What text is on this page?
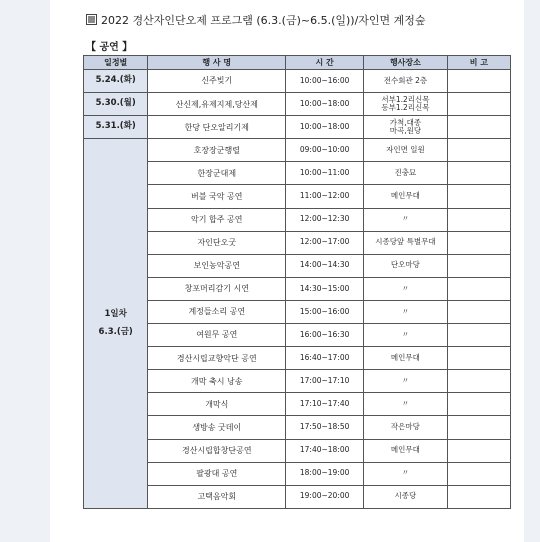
2022 경산자인단오제 프로그램 (6.3.(금)~6.5.(일))/자인면 계정숲
【 공연 】
일정별	행 사 명	시 간	행사장소	비 고
5.24.(화)	신주빚기	10:00~16:00	전수회관 2층	

5.30.(월)	산신제,유제지제,당산제	10:00~18:00	서부1.2리신목
동부1.2리신목	

5.31.(화)	한당 단오알리기제	10:00~18:00	가척,대종
마곡,원당	

1일차
6.3.(금)	호장장군행렬	09:00~10:00	자인면 일원	

	한장군대제	10:00~11:00	진충묘	

	버블 국악 공연	11:00~12:00	메인무대	

	악기 합주 공연	12:00~12:30	〃	

	자인단오굿	12:00~17:00	시종당앞 특별무대	

	보인농악공연	14:00~14:30	단오마당	

	창포머리감기 시연	14:30~15:00	〃	

	계정들소리 공연	15:00~16:00	〃	

	여원무 공연	16:00~16:30	〃	

	경산시립교향악단 공연	16:40~17:00	메인무대	

	개막 축시 낭송	17:00~17:10	〃	

	개막식	17:10~17:40	〃	

	생방송 굿데이	17:50~18:50	작은마당	

	경산시립합창단공연	17:40~18:00	메인무대	

	팔광대 공연	18:00~19:00	〃	

	고택음악회	19:00~20:00	시종당	
